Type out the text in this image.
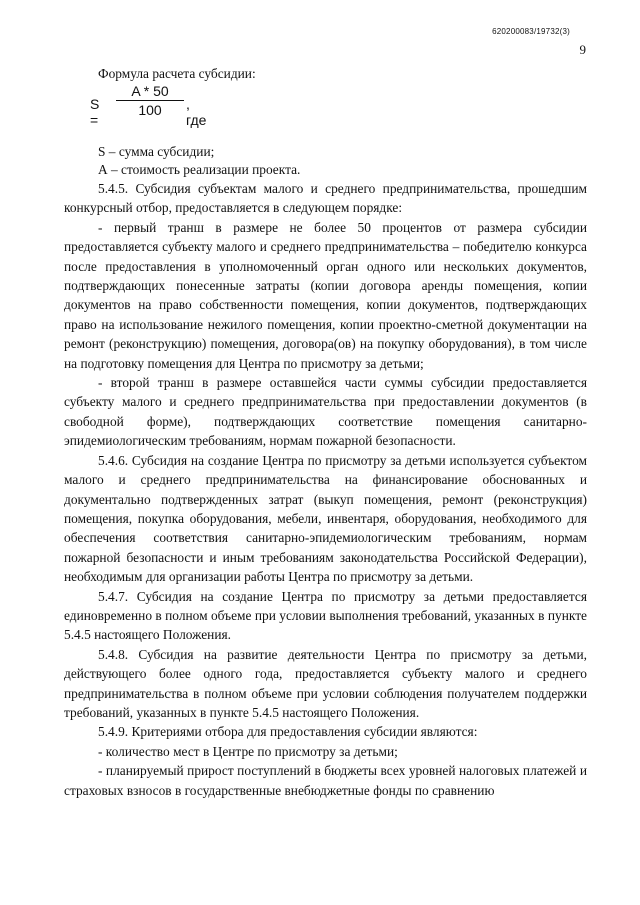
620200083/19732(3)
9
Формула расчета субсидии:
S =
$\frac{A * 50}{100}$ , где
S – сумма субсидии;
А – стоимость реализации проекта.

5.4.5. Субсидия субъектам малого и среднего предпринимательства, прошедшим конкурсный отбор, предоставляется в следующем порядке:

- первый транш в размере не более 50 процентов от размера субсидии предоставляется субъекту малого и среднего предпринимательства – победителю конкурса после предоставления в уполномоченный орган одного или нескольких документов, подтверждающих понесенные затраты (копии договора аренды помещения, копии документов на право собственности помещения, копии документов, подтверждающих право на использование нежилого помещения, копии проектно-сметной документации на ремонт (реконструкцию) помещения, договора(ов) на покупку оборудования), в том числе на подготовку помещения для Центра по присмотру за детьми;

- второй транш в размере оставшейся части суммы субсидии предоставляется субъекту малого и среднего предпринимательства при предоставлении документов (в свободной форме), подтверждающих соответствие помещения санитарно-эпидемиологическим требованиям, нормам пожарной безопасности.

5.4.6. Субсидия на создание Центра по присмотру за детьми используется субъектом малого и среднего предпринимательства на финансирование обоснованных и документально подтвержденных затрат (выкуп помещения, ремонт (реконструкция) помещения, покупка оборудования, мебели, инвентаря, оборудования, необходимого для обеспечения соответствия санитарно-эпидемиологическим требованиям, нормам пожарной безопасности и иным требованиям законодательства Российской Федерации), необходимым для организации работы Центра по присмотру за детьми.

5.4.7. Субсидия на создание Центра по присмотру за детьми предоставляется единовременно в полном объеме при условии выполнения требований, указанных в пункте 5.4.5 настоящего Положения.

5.4.8. Субсидия на развитие деятельности Центра по присмотру за детьми, действующего более одного года, предоставляется субъекту малого и среднего предпринимательства в полном объеме при условии соблюдения получателем поддержки требований, указанных в пункте 5.4.5 настоящего Положения.

5.4.9. Критериями отбора для предоставления субсидии являются:

- количество мест в Центре по присмотру за детьми;

- планируемый прирост поступлений в бюджеты всех уровней налоговых платежей и страховых взносов в государственные внебюджетные фонды по сравнению
